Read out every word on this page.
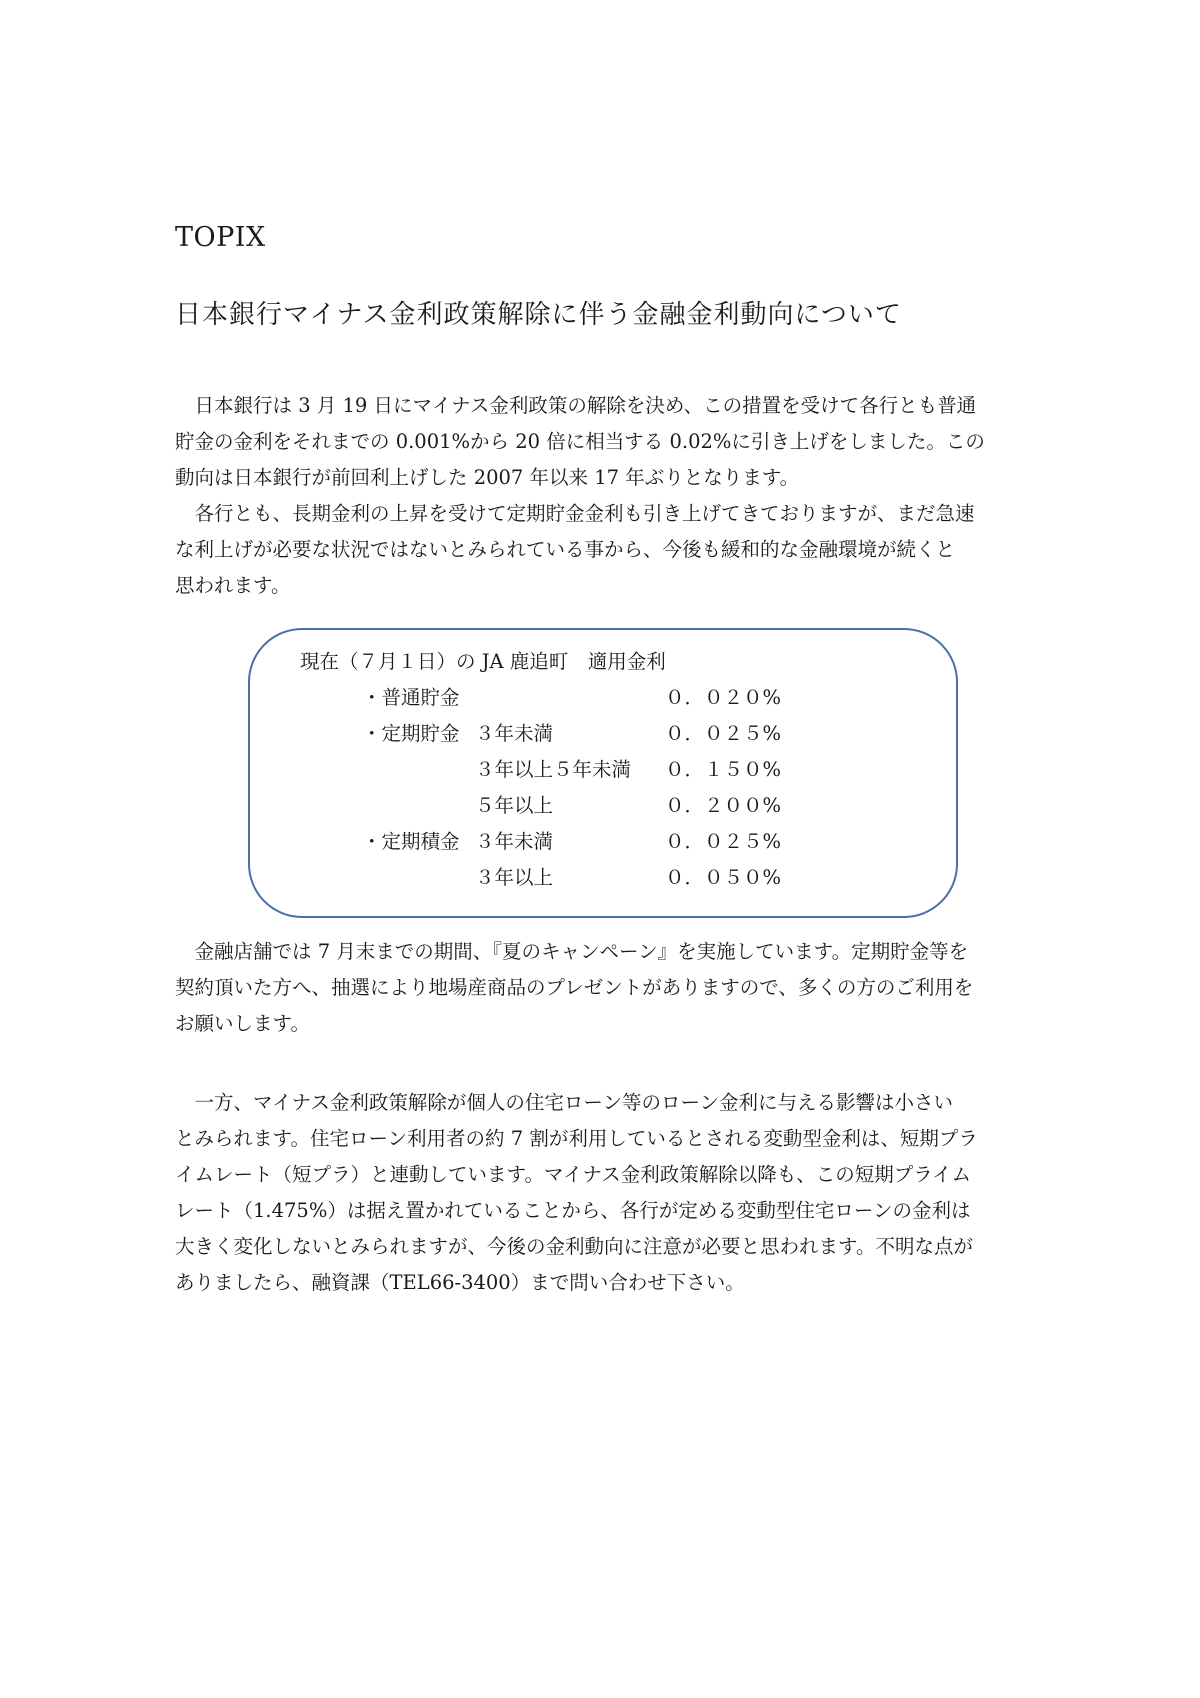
TOPIX
日本銀行マイナス金利政策解除に伴う金融金利動向について
　日本銀行は 3 月 19 日にマイナス金利政策の解除を決め、この措置を受けて各行とも普通
貯金の金利をそれまでの 0.001%から 20 倍に相当する 0.02%に引き上げをしました。この
動向は日本銀行が前回利上げした 2007 年以来 17 年ぶりとなります。
　各行とも、長期金利の上昇を受けて定期貯金金利も引き上げてきておりますが、まだ急速
な利上げが必要な状況ではないとみられている事から、今後も緩和的な金融環境が続くと
思われます。

現在（７月１日）の JA 鹿追町　適用金利

・普通貯金	０．０２０%
・定期貯金 ３年未満	０．０２５%
３年以上５年未満 ０．１５０%
５年以上	０．２００%
・定期積金 ３年未満	０．０２５%
３年以上	０．０５０%
　金融店舗では 7 月末までの期間、『夏のキャンペーン』を実施しています。定期貯金等を
契約頂いた方へ、抽選により地場産商品のプレゼントがありますので、多くの方のご利用を
お願いします。
　一方、マイナス金利政策解除が個人の住宅ローン等のローン金利に与える影響は小さい
とみられます。住宅ローン利用者の約 7 割が利用しているとされる変動型金利は、短期プラ
イムレート（短プラ）と連動しています。マイナス金利政策解除以降も、この短期プライム
レート（1.475%）は据え置かれていることから、各行が定める変動型住宅ローンの金利は
大きく変化しないとみられますが、今後の金利動向に注意が必要と思われます。不明な点が
ありましたら、融資課（TEL66-3400）まで問い合わせ下さい。
